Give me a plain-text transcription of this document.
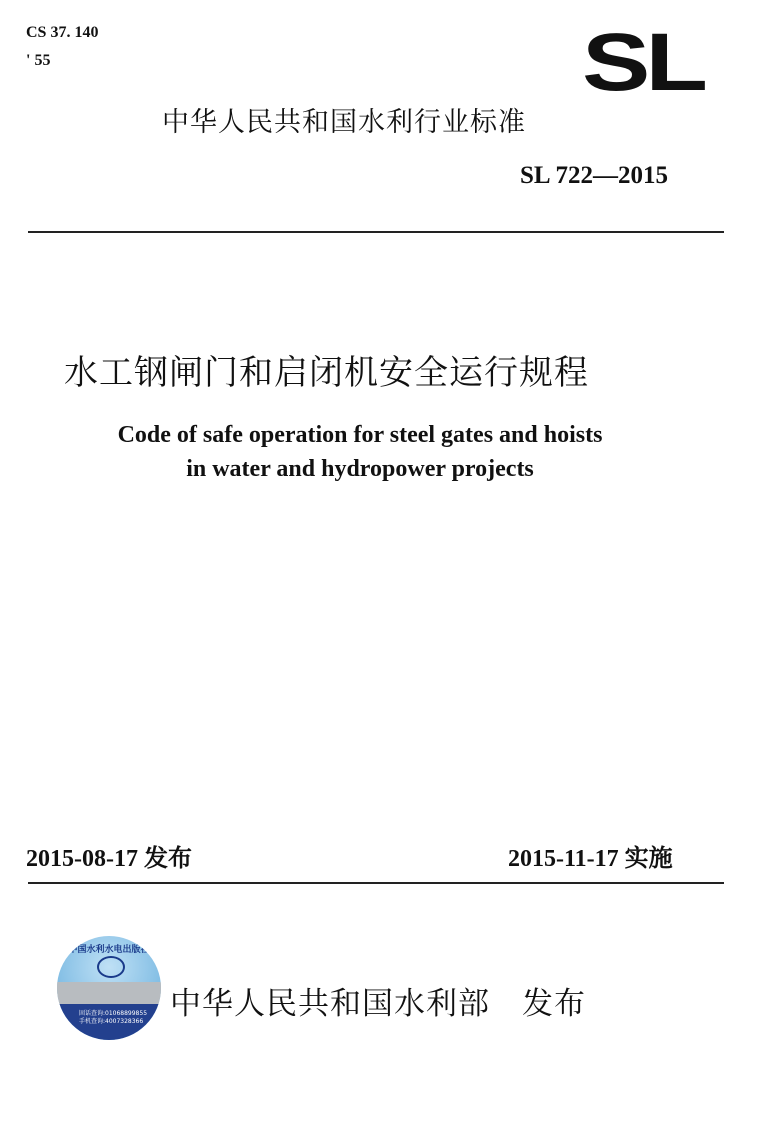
CS 37. 140
' 55	SL
中华人民共和国水利行业标准
SL 722—2015
水工钢闸门和启闭机安全运行规程
Code of safe operation for steel gates and hoists
in water and hydropower projects
2015-08-17 发布	2015-11-17 实施
中国水利水电出版社
固话查询:01068899855
手机查询:4007328366 中华人民共和国水利部　发布
